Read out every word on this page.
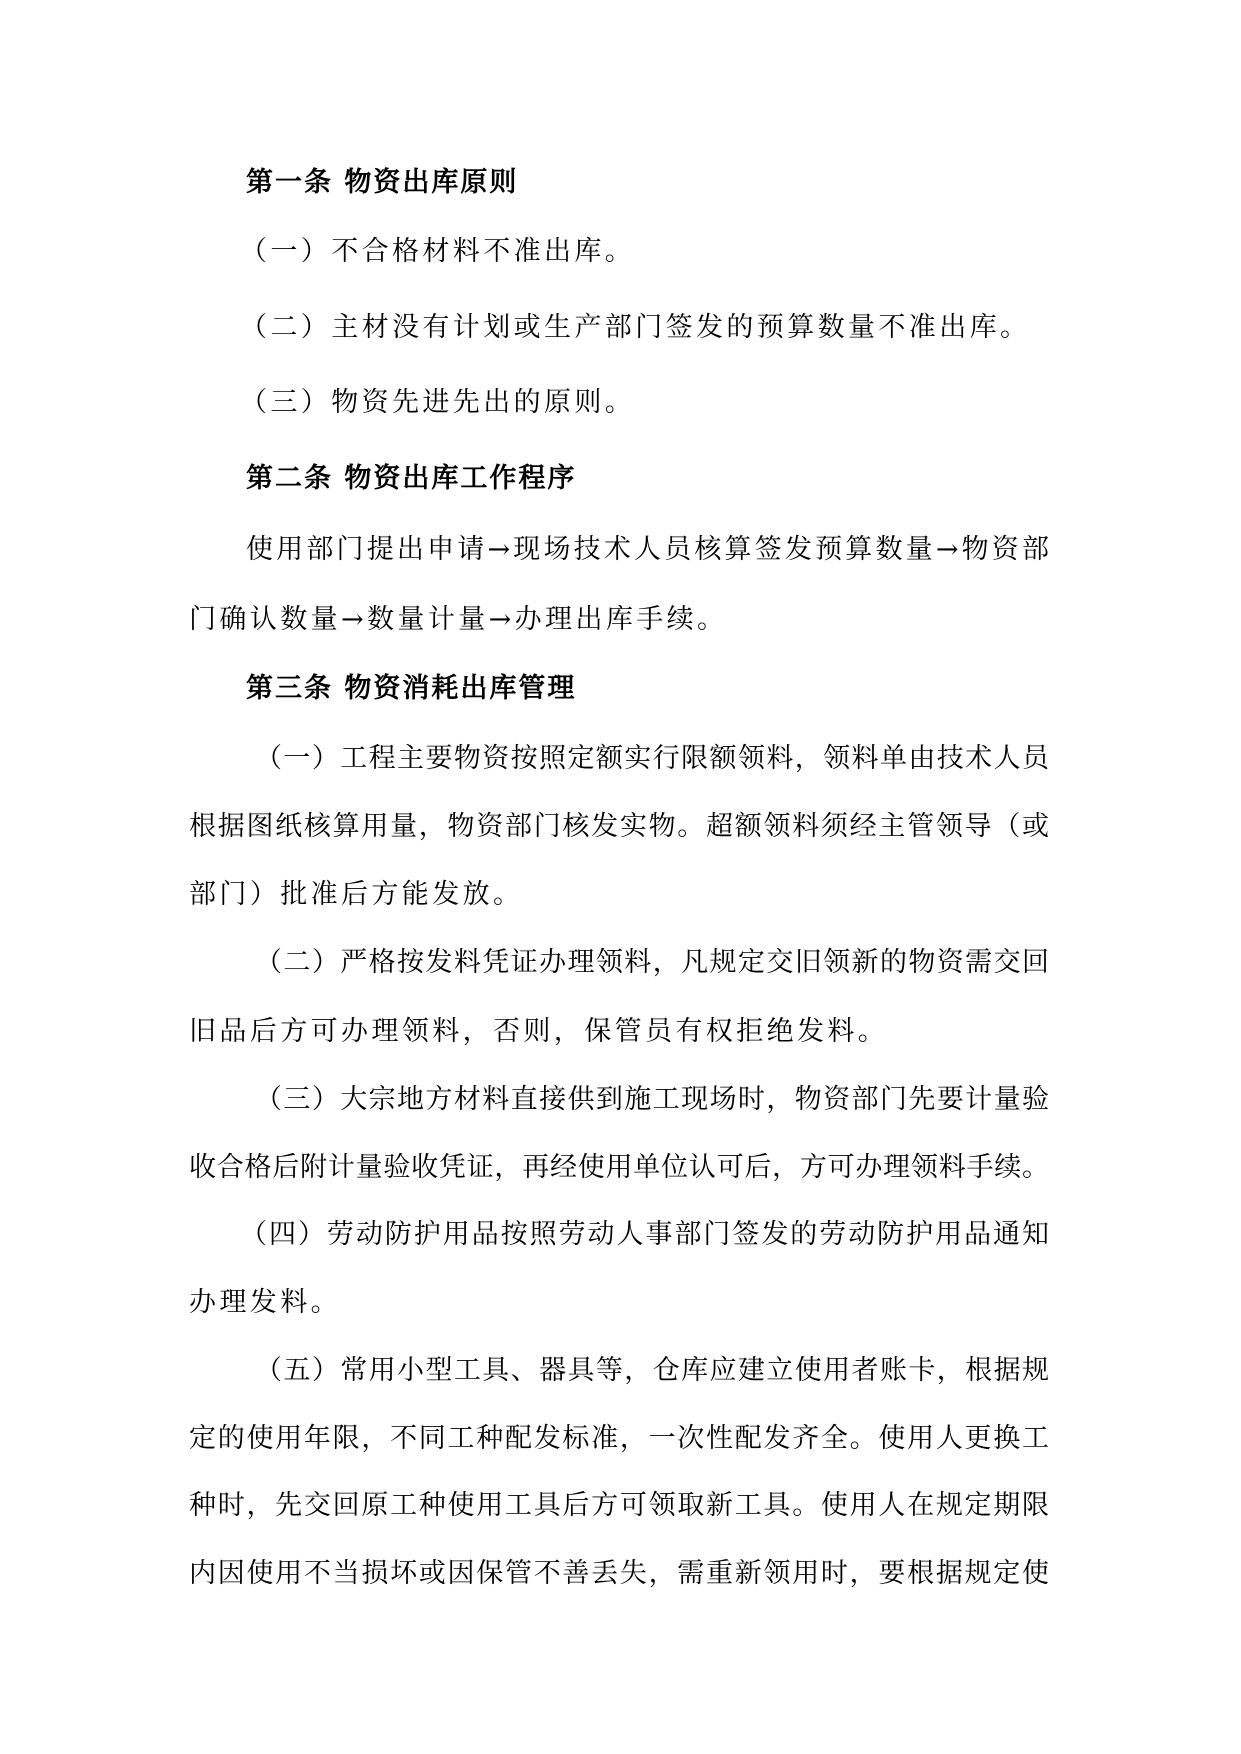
第一条 物资出库原则
（一）不合格材料不准出库。
（二）主材没有计划或生产部门签发的预算数量不准出库。
（三）物资先进先出的原则。
第二条 物资出库工作程序
使用部门提出申请→现场技术人员核算签发预算数量→物资部
门确认数量→数量计量→办理出库手续。
第三条 物资消耗出库管理
（一）工程主要物资按照定额实行限额领料，领料单由技术人员
根据图纸核算用量，物资部门核发实物。超额领料须经主管领导（或
部门）批准后方能发放。
（二）严格按发料凭证办理领料，凡规定交旧领新的物资需交回
旧品后方可办理领料，否则，保管员有权拒绝发料。
（三）大宗地方材料直接供到施工现场时，物资部门先要计量验
收合格后附计量验收凭证，再经使用单位认可后，方可办理领料手续。
（四）劳动防护用品按照劳动人事部门签发的劳动防护用品通知
办理发料。
（五）常用小型工具、器具等，仓库应建立使用者账卡，根据规
定的使用年限，不同工种配发标准，一次性配发齐全。使用人更换工
种时，先交回原工种使用工具后方可领取新工具。使用人在规定期限
内因使用不当损坏或因保管不善丢失，需重新领用时，要根据规定使
